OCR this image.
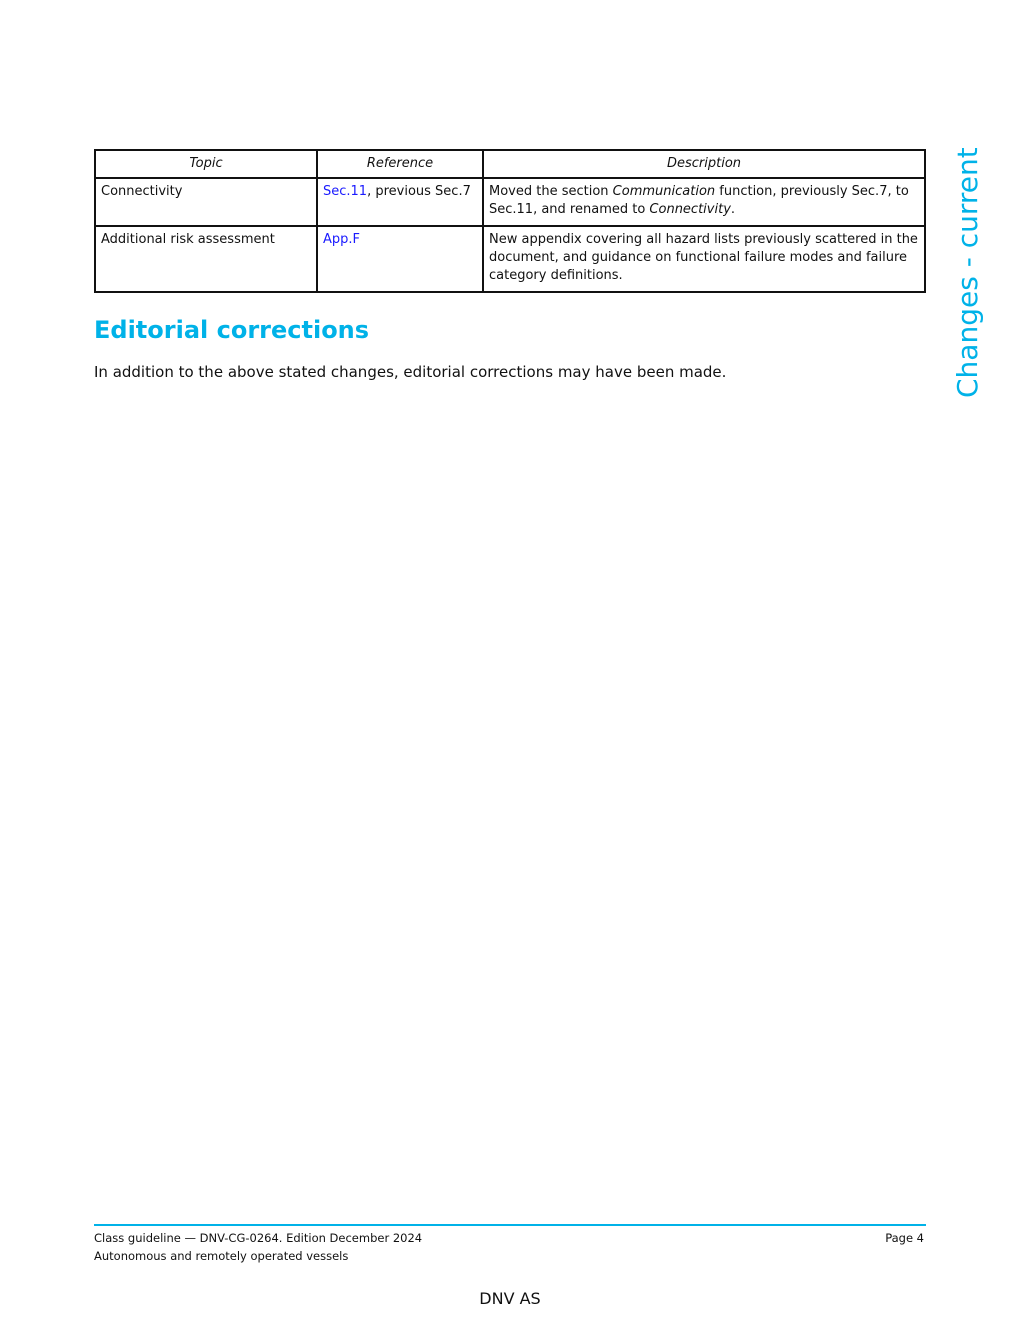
Topic	Reference	Description
Connectivity	Sec.11, previous Sec.7	Moved the section Communication function, previously Sec.7, to Sec.11, and renamed to Connectivity.
Additional risk assessment	App.F	New appendix covering all hazard lists previously scattered in the document, and guidance on functional failure modes and failure category definitions.
Editorial corrections
In addition to the above stated changes, editorial corrections may have been made.	Changes - current
Class guideline — DNV-CG-0264. Edition December 2024
Autonomous and remotely operated vessels
Page 4
DNV AS
